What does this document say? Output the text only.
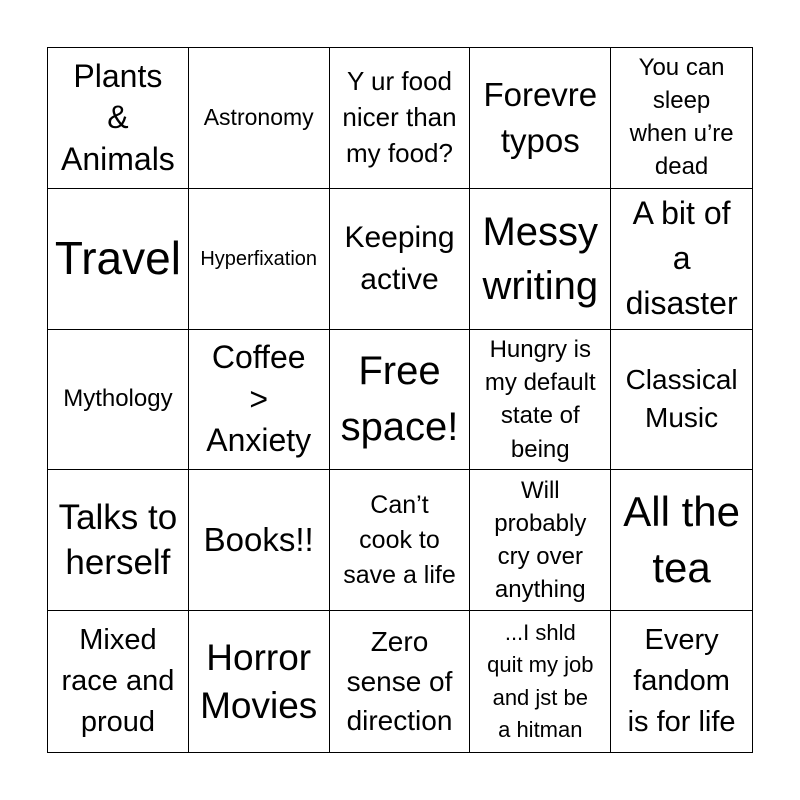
Plants
&
Animals
Astronomy
Y ur food
nicer than
my food?
Forevre
typos
You can
sleep
when u’re
dead
Travel Hyperfixation
Keeping
active
Messy
writing
A bit of
a
disaster
Mythology
Coffee
>
Anxiety
Free
space!
Hungry is
my default
state of
being
Classical
Music
Talks to
herself
Books!!
Can’t
cook to
save a life
Will
probably
cry over
anything
All the
tea
Mixed
race and
proud
Horror
Movies
Zero
sense of
direction
...I shld
quit my job
and jst be
a hitman
Every
fandom
is for life
